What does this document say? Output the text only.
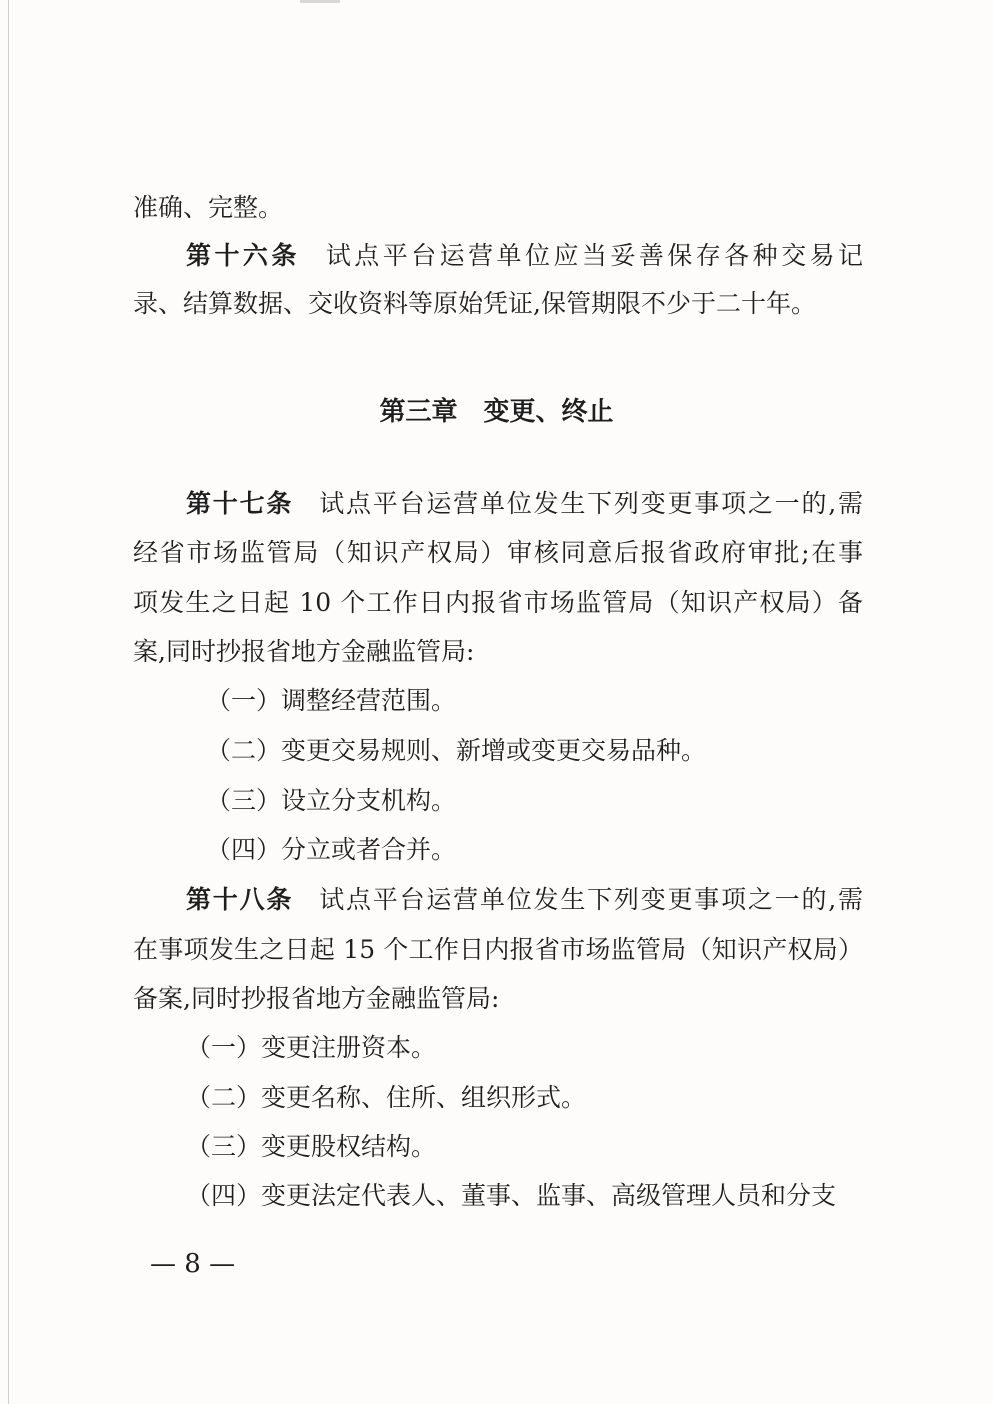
准确、完整。
第十六条 试点平台运营单位应当妥善保存各种交易记
录、结算数据、交收资料等原始凭证,保管期限不少于二十年。
第三章　变更、终止
第十七条 试点平台运营单位发生下列变更事项之一的,需
经省市场监管局（知识产权局）审核同意后报省政府审批;在事
项发生之日起 10 个工作日内报省市场监管局（知识产权局）备
案,同时抄报省地方金融监管局:
（一）调整经营范围。
（二）变更交易规则、新增或变更交易品种。
（三）设立分支机构。
（四）分立或者合并。
第十八条 试点平台运营单位发生下列变更事项之一的,需
在事项发生之日起 15 个工作日内报省市场监管局（知识产权局）
备案,同时抄报省地方金融监管局:
（一）变更注册资本。
（二）变更名称、住所、组织形式。
（三）变更股权结构。
（四）变更法定代表人、董事、监事、高级管理人员和分支
— 8 —
